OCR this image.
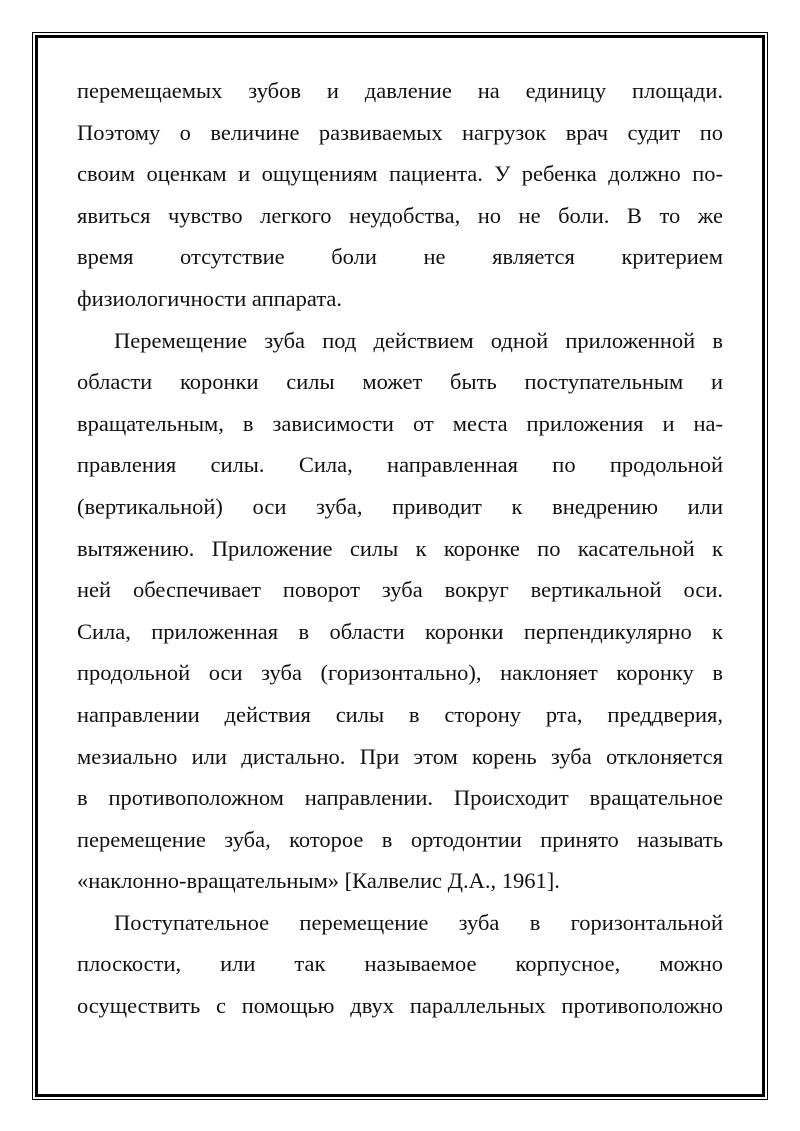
перемещаемых зубов и давление на единицу площади.
Поэтому о величине развиваемых нагрузок врач судит по
своим оценкам и ощущениям пациента. У ребенка должно по-
явиться чувство легкого неудобства, но не боли. В то же
время отсутствие боли не является критерием
физиологичности аппарата.
Перемещение зуба под действием одной приложенной в
области коронки силы может быть поступательным и
вращательным, в зависимости от места приложения и на-
правления силы. Сила, направленная по продольной
(вертикальной) оси зуба, приводит к внедрению или
вытяжению. Приложение силы к коронке по касательной к
ней обеспечивает поворот зуба вокруг вертикальной оси.
Сила, приложенная в области коронки перпендикулярно к
продольной оси зуба (горизонтально), наклоняет коронку в
направлении действия силы в сторону рта, преддверия,
мезиально или дистально. При этом корень зуба отклоняется
в противоположном направлении. Происходит вращательное
перемещение зуба, которое в ортодонтии принято называть
«наклонно-вращательным» [Калвелис Д.А., 1961].
Поступательное перемещение зуба в горизонтальной
плоскости, или так называемое корпусное, можно
осуществить с помощью двух параллельных противоположно
